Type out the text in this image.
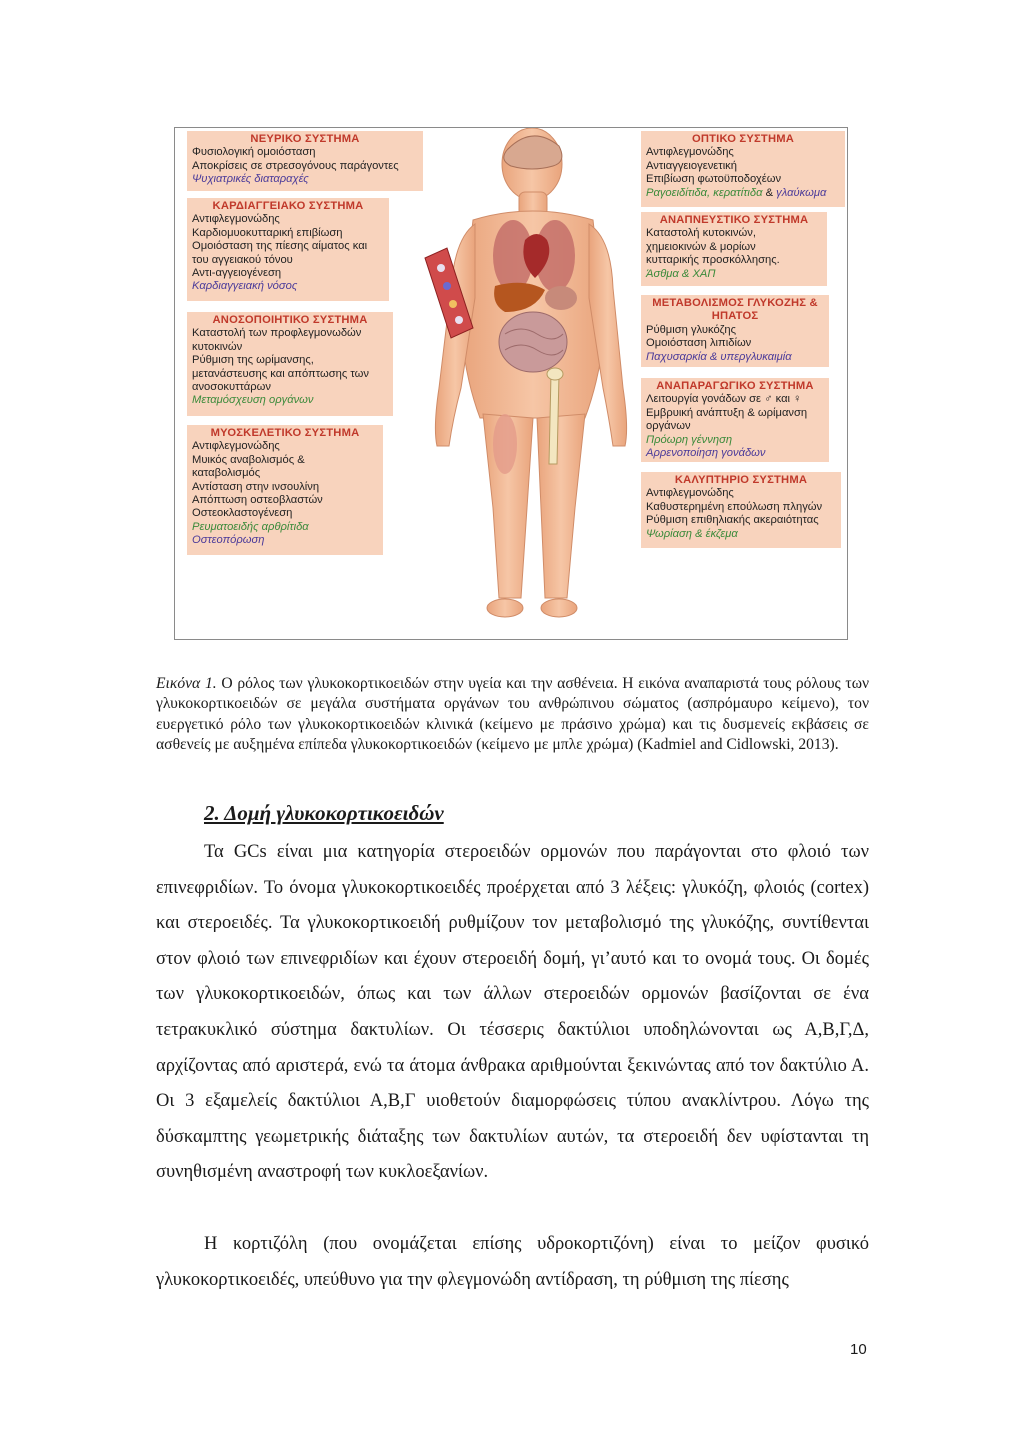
ΝΕΥΡΙΚΟ ΣΥΣΤΗΜΑ
Φυσιολογική ομοιόσταση
Αποκρίσεις σε στρεσογόνους παράγοντες
Ψυχιατρικές διαταραχές
ΚΑΡΔΙΑΓΓΕΙΑΚΟ ΣΥΣΤΗΜΑ
Αντιφλεγμονώδης
Καρδιομυοκυτταρική επιβίωση
Ομοιόσταση της πίεσης αίματος και
του αγγειακού τόνου
Αντι-αγγειογένεση
Καρδιαγγειακή νόσος
ΑΝΟΣΟΠΟΙΗΤΙΚΟ ΣΥΣΤΗΜΑ
Καταστολή των προφλεγμονωδών
κυτοκινών
Ρύθμιση της ωρίμανσης,
μετανάστευσης και απόπτωσης των
ανοσοκυττάρων
Μεταμόσχευση οργάνων
ΜΥΟΣΚΕΛΕΤΙΚΟ ΣΥΣΤΗΜΑ
Αντιφλεγμονώδης
Μυικός αναβολισμός &
καταβολισμός
Αντίσταση στην ινσουλίνη
Απόπτωση οστεοβλαστών
Οστεοκλαστογένεση
Ρευματοειδής αρθρίτιδα
Οστεοπόρωση
ΟΠΤΙΚΟ ΣΥΣΤΗΜΑ
Αντιφλεγμονώδης
Αντιαγγειογενετική
Επιβίωση φωτοϋποδοχέων
Ραγοειδίτιδα, κερατίτιδα & γλαύκωμα
ΑΝΑΠΝΕΥΣΤΙΚΟ ΣΥΣΤΗΜΑ
Καταστολή κυτοκινών,
χημειοκινών & μορίων
κυτταρικής προσκόλλησης.
Άσθμα & ΧΑΠ
ΜΕΤΑΒΟΛΙΣΜΟΣ ΓΛΥΚΟΖΗΣ &
ΗΠΑΤΟΣ
Ρύθμιση γλυκόζης
Ομοιόσταση λιπιδίων
Παχυσαρκία & υπεργλυκαιμία
ΑΝΑΠΑΡΑΓΩΓΙΚΟ ΣΥΣΤΗΜΑ
Λειτουργία γονάδων σε ♂ και ♀
Εμβρυική ανάπτυξη & ωρίμανση
οργάνων
Πρόωρη γέννηση
Αρρενοποίηση γονάδων
ΚΑΛΥΠΤΗΡΙΟ ΣΥΣΤΗΜΑ
Αντιφλεγμονώδης
Καθυστερημένη επούλωση πληγών
Ρύθμιση επιθηλιακής ακεραιότητας
Ψωρίαση & έκζεμα

Εικόνα 1. Ο ρόλος των γλυκοκορτικοειδών στην υγεία και την ασθένεια. Η εικόνα αναπαριστά τους ρόλους των γλυκοκορτικοειδών σε μεγάλα συστήματα οργάνων του ανθρώπινου σώματος (ασπρόμαυρο κείμενο), τον ευεργετικό ρόλο των γλυκοκορτικοειδών κλινικά (κείμενο με πράσινο χρώμα) και τις δυσμενείς εκβάσεις σε ασθενείς με αυξημένα επίπεδα γλυκοκορτικοειδών (κείμενο με μπλε χρώμα) (Kadmiel and Cidlowski, 2013).

2. Δομή γλυκοκορτικοειδών

Τα GCs είναι μια κατηγορία στεροειδών ορμονών που παράγονται στο φλοιό των επινεφριδίων. Το όνομα γλυκοκορτικοειδές προέρχεται από 3 λέξεις: γλυκόζη, φλοιός (cortex) και στεροειδές. Τα γλυκοκορτικοειδή ρυθμίζουν τον μεταβολισμό της γλυκόζης, συντίθενται στον φλοιό των επινεφριδίων και έχουν στεροειδή δομή, γι’αυτό και το ονομά τους. Οι δομές των γλυκοκορτικοειδών, όπως και των άλλων στεροειδών ορμονών βασίζονται σε ένα τετρακυκλικό σύστημα δακτυλίων. Οι τέσσερις δακτύλιοι υποδηλώνονται ως Α,Β,Γ,Δ, αρχίζοντας από αριστερά, ενώ τα άτομα άνθρακα αριθμούνται ξεκινώντας από τον δακτύλιο Α. Οι 3 εξαμελείς δακτύλιοι Α,Β,Γ υιοθετούν διαμορφώσεις τύπου ανακλίντρου. Λόγω της δύσκαμπτης γεωμετρικής διάταξης των δακτυλίων αυτών, τα στεροειδή δεν υφίστανται τη συνηθισμένη αναστροφή των κυκλοεξανίων.

Η κορτιζόλη (που ονομάζεται επίσης υδροκορτιζόνη) είναι το μείζον φυσικό γλυκοκορτικοειδές, υπεύθυνο για την φλεγμονώδη αντίδραση, τη ρύθμιση της πίεσης

10
